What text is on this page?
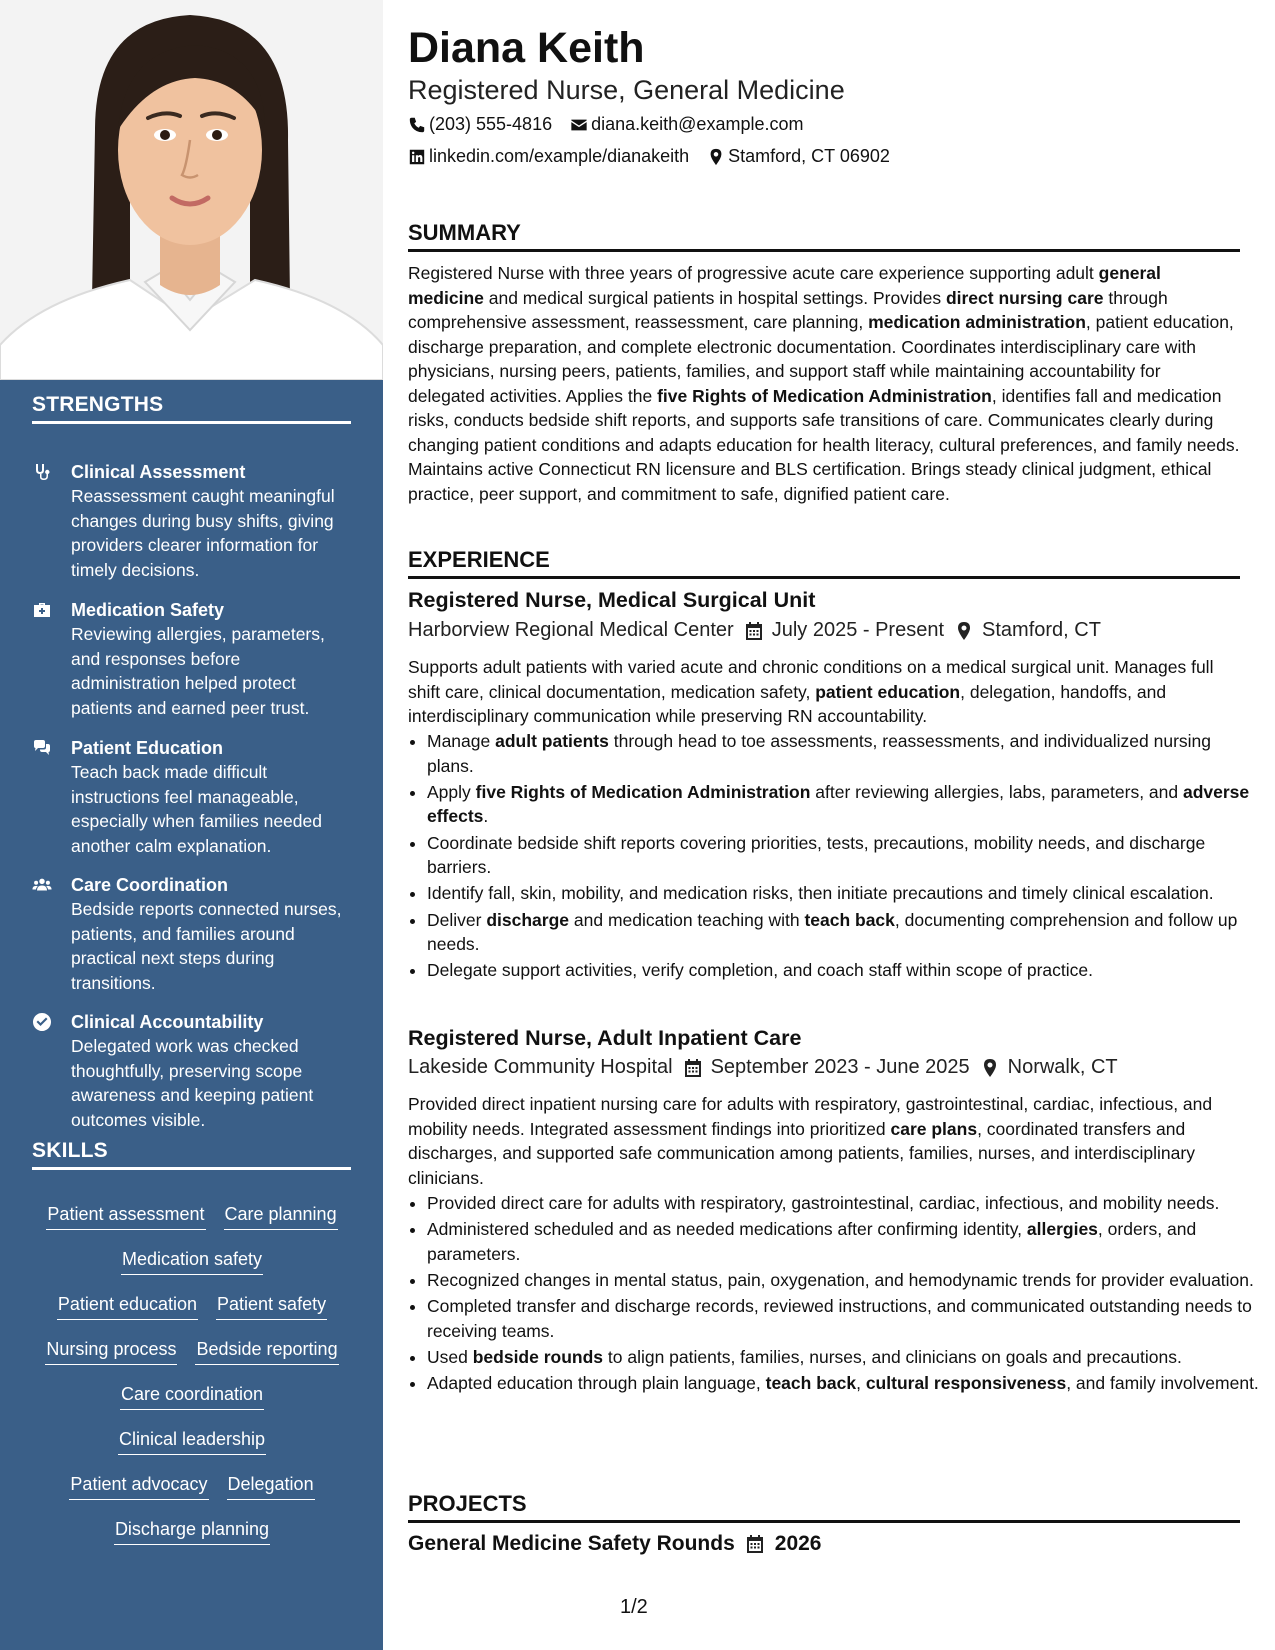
STRENGTHS
Clinical Assessment
Reassessment caught meaningful changes during busy shifts, giving providers clearer information for timely decisions.
Medication Safety
Reviewing allergies, parameters, and responses before administration helped protect patients and earned peer trust.
Patient Education
Teach back made difficult instructions feel manageable, especially when families needed another calm explanation.
Care Coordination
Bedside reports connected nurses, patients, and families around practical next steps during transitions.
Clinical Accountability
Delegated work was checked thoughtfully, preserving scope awareness and keeping patient outcomes visible.
SKILLS
Patient assessment Care planning
Medication safety
Patient education Patient safety
Nursing process Bedside reporting
Care coordination
Clinical leadership
Patient advocacy Delegation
Discharge planning
Diana Keith
Registered Nurse, General Medicine
(203) 555-4816 diana.keith@example.com
linkedin.com/example/dianakeith Stamford, CT 06902
SUMMARY
Registered Nurse with three years of progressive acute care experience supporting adult general medicine and medical surgical patients in hospital settings. Provides direct nursing care through comprehensive assessment, reassessment, care planning, medication administration, patient education, discharge preparation, and complete electronic documentation. Coordinates interdisciplinary care with physicians, nursing peers, patients, families, and support staff while maintaining accountability for delegated activities. Applies the five Rights of Medication Administration, identifies fall and medication risks, conducts bedside shift reports, and supports safe transitions of care. Communicates clearly during changing patient conditions and adapts education for health literacy, cultural preferences, and family needs. Maintains active Connecticut RN licensure and BLS certification. Brings steady clinical judgment, ethical practice, peer support, and commitment to safe, dignified patient care.
EXPERIENCE
Registered Nurse, Medical Surgical Unit
Harborview Regional Medical Center July 2025 - Present Stamford, CT
Supports adult patients with varied acute and chronic conditions on a medical surgical unit. Manages full shift care, clinical documentation, medication safety, patient education, delegation, handoffs, and interdisciplinary communication while preserving RN accountability.
• Manage adult patients through head to toe assessments, reassessments, and individualized nursing plans.
• Apply five Rights of Medication Administration after reviewing allergies, labs, parameters, and adverse effects.
• Coordinate bedside shift reports covering priorities, tests, precautions, mobility needs, and discharge barriers.
• Identify fall, skin, mobility, and medication risks, then initiate precautions and timely clinical escalation.
• Deliver discharge and medication teaching with teach back, documenting comprehension and follow up needs.
• Delegate support activities, verify completion, and coach staff within scope of practice.
Registered Nurse, Adult Inpatient Care
Lakeside Community Hospital September 2023 - June 2025 Norwalk, CT
Provided direct inpatient nursing care for adults with respiratory, gastrointestinal, cardiac, infectious, and mobility needs. Integrated assessment findings into prioritized care plans, coordinated transfers and discharges, and supported safe communication among patients, families, nurses, and interdisciplinary clinicians.
• Provided direct care for adults with respiratory, gastrointestinal, cardiac, infectious, and mobility needs.
• Administered scheduled and as needed medications after confirming identity, allergies, orders, and parameters.
• Recognized changes in mental status, pain, oxygenation, and hemodynamic trends for provider evaluation.
• Completed transfer and discharge records, reviewed instructions, and communicated outstanding needs to receiving teams.
• Used bedside rounds to align patients, families, nurses, and clinicians on goals and precautions.
• Adapted education through plain language, teach back, cultural responsiveness, and family involvement.
PROJECTS
General Medicine Safety Rounds 2026
1/2
